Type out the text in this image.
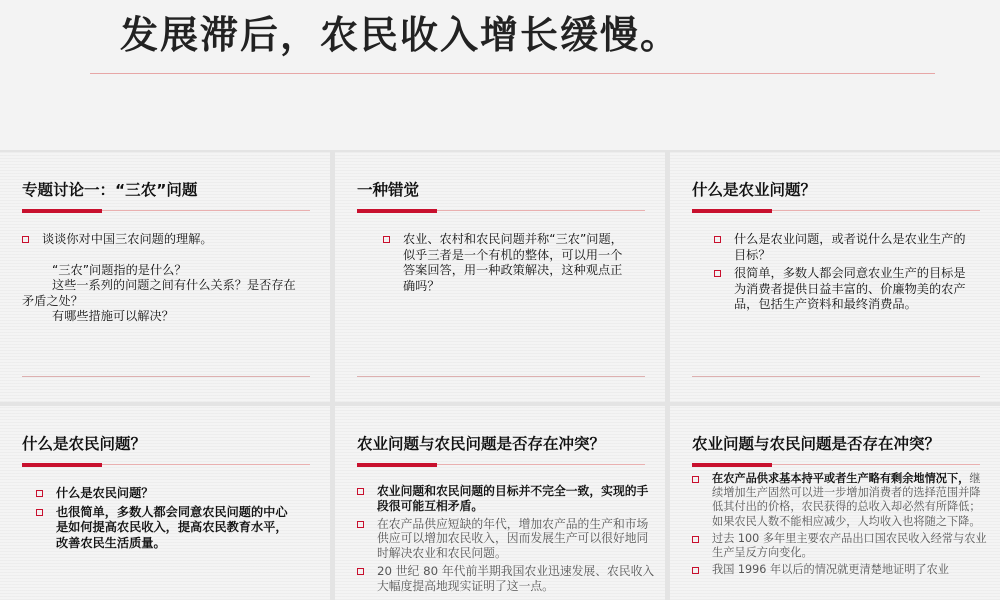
发展滞后，农民收入增长缓慢。
专题讨论一：“三农”问题
谈谈你对中国三农问题的理解。
“三农”问题指的是什么？
这些一系列的问题之间有什么关系？是否存在
矛盾之处？
有哪些措施可以解决？
一种错觉
农业、农村和农民问题并称“三农”问题，似乎三者是一个有机的整体，可以用一个答案回答，用一种政策解决，这种观点正确吗？
什么是农业问题？
什么是农业问题，或者说什么是农业生产的目标？
很简单，多数人都会同意农业生产的目标是为消费者提供日益丰富的、价廉物美的农产品，包括生产资料和最终消费品。
什么是农民问题？
什么是农民问题？
也很简单，多数人都会同意农民问题的中心是如何提高农民收入，提高农民教育水平，改善农民生活质量。
农业问题与农民问题是否存在冲突？
农业问题和农民问题的目标并不完全一致，实现的手段很可能互相矛盾。
在农产品供应短缺的年代，增加农产品的生产和市场供应可以增加农民收入，因而发展生产可以很好地同时解决农业和农民问题。
20 世纪 80 年代前半期我国农业迅速发展、农民收入大幅度提高地现实证明了这一点。
农业问题与农民问题是否存在冲突？
在农产品供求基本持平或者生产略有剩余地情况下，继续增加生产固然可以进一步增加消费者的选择范围并降低其付出的价格，农民获得的总收入却必然有所降低；如果农民人数不能相应减少，人均收入也将随之下降。
过去 100 多年里主要农产品出口国农民收入经常与农业生产呈反方向变化。
我国 1996 年以后的情况就更清楚地证明了农业
